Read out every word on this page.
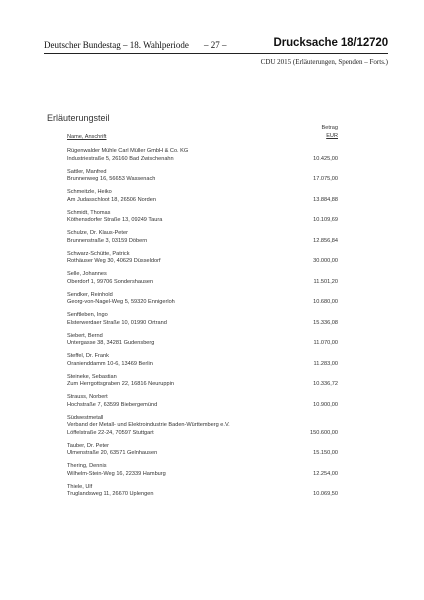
Deutscher Bundestag – 18. Wahlperiode – 27 –	Drucksache 18/12720
CDU 2015 (Erläuterungen, Spenden – Forts.)
Erläuterungsteil
Name, Anschrift
Betrag
EUR
Rügenwalder Mühle Carl Müller GmbH & Co. KG
Industriestraße 5, 26160 Bad Zwischenahn	10.425,00
Sattler, Manfred
Brunnenweg 16, 56653 Wassenach	17.075,00
Schmeitzle, Heiko
Am Judasschloot 18, 26506 Norden	13.884,88
Schmidt, Thomas
Köthensdorfer Straße 13, 09249 Taura	10.109,69
Schulze, Dr. Klaus-Peter
Brunnenstraße 3, 03159 Döbern	12.856,84
Schwarz-Schütte, Patrick
Rothäuser Weg 30, 40629 Düsseldorf	30.000,00
Selle, Johannes
Oberdorf 1, 99706 Sondershausen	11.501,20
Sendker, Reinhold
Georg-von-Nagel-Weg 5, 59320 Ennigerloh	10.680,00
Senftleben, Ingo
Elsterwerdaer Straße 10, 01990 Ortrand	15.336,08
Siebert, Bernd
Untergasse 38, 34281 Gudensberg	11.070,00
Steffel, Dr. Frank
Oranienddamm 10-6, 13469 Berlin	11.283,00
Steineke, Sebastian
Zum Herrgottsgraben 22, 16816 Neuruppin	10.336,72
Strauss, Norbert
Hochstraße 7, 63599 Biebergemünd	10.900,00
Südwestmetall
Verband der Metall- und Elektroindustrie Baden-Württemberg e.V.
Löffelstraße 22-24, 70597 Stuttgart	150.600,00
Tauber, Dr. Peter
Ulmenstraße 20, 63571 Gelnhausen	15.150,00
Thering, Dennis
Wilhelm-Stein-Weg 16, 22339 Hamburg	12.254,00
Thiele, Ulf
Truglandsweg 11, 26670 Uplengen	10.069,50
